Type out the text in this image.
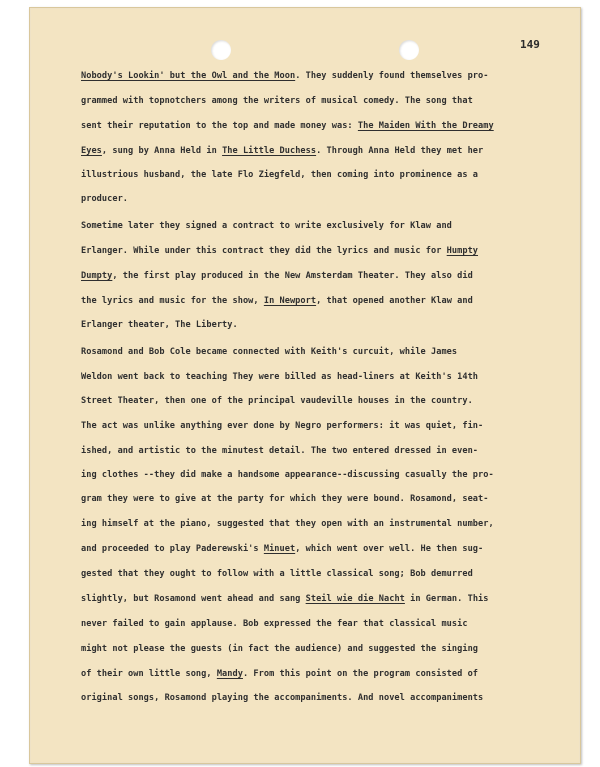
149
Nobody's Lookin' but the Owl and the Moon. They suddenly found themselves pro-
grammed with topnotchers among the writers of musical comedy. The song that
sent their reputation to the top and made money was: The Maiden With the Dreamy
Eyes, sung by Anna Held in The Little Duchess. Through Anna Held they met her
illustrious husband, the late Flo Ziegfeld, then coming into prominence as a
producer.
Sometime later they signed a contract to write exclusively for Klaw and
Erlanger. While under this contract they did the lyrics and music for Humpty
Dumpty, the first play produced in the New Amsterdam Theater. They also did
the lyrics and music for the show, In Newport, that opened another Klaw and
Erlanger theater, The Liberty.
Rosamond and Bob Cole became connected with Keith's curcuit, while James
Weldon went back to teaching They were billed as head-liners at Keith's 14th
Street Theater, then one of the principal vaudeville houses in the country.
The act was unlike anything ever done by Negro performers: it was quiet, fin-
ished, and artistic to the minutest detail. The two entered dressed in even-
ing clothes --they did make a handsome appearance--discussing casually the pro-
gram they were to give at the party for which they were bound. Rosamond, seat-
ing himself at the piano, suggested that they open with an instrumental number,
and proceeded to play Paderewski's Minuet, which went over well. He then sug-
gested that they ought to follow with a little classical song; Bob demurred
slightly, but Rosamond went ahead and sang Steil wie die Nacht in German. This
never failed to gain applause. Bob expressed the fear that classical music
might not please the guests (in fact the audience) and suggested the singing
of their own little song, Mandy. From this point on the program consisted of
original songs, Rosamond playing the accompaniments. And novel accompaniments
